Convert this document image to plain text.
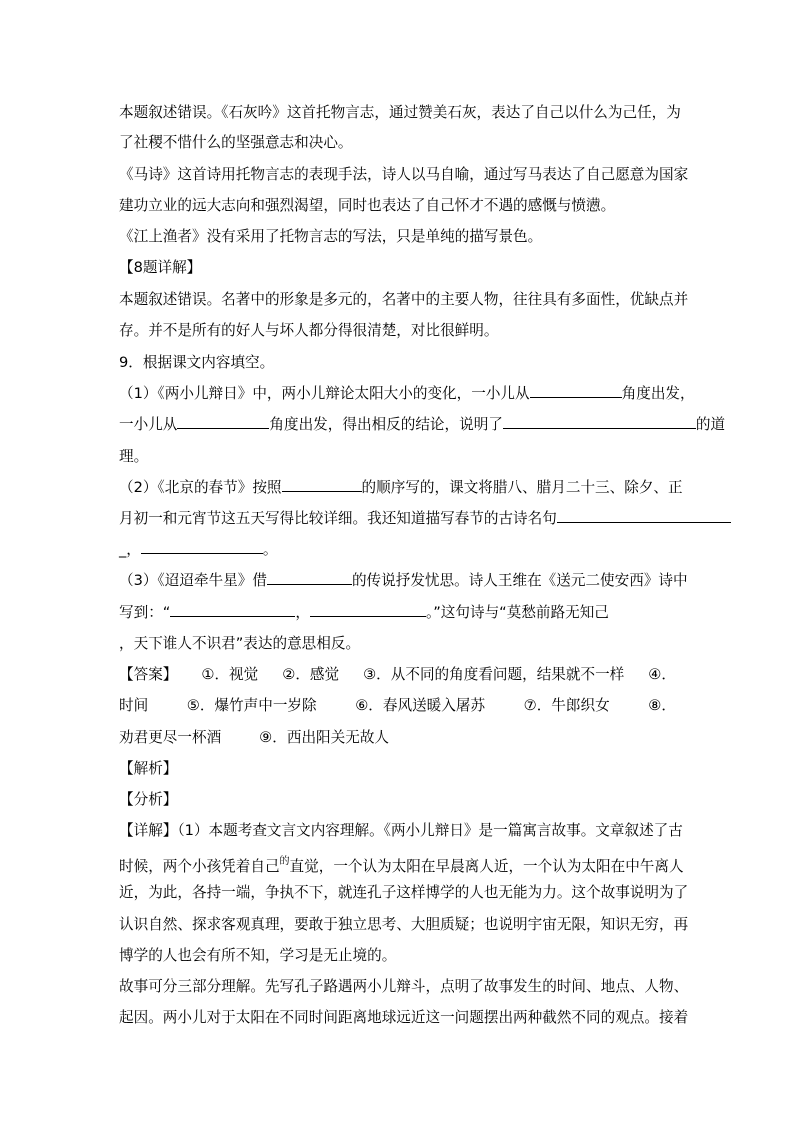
本题叙述错误。《石灰吟》这首托物言志，通过赞美石灰，表达了自己以什么为己任，为
了社稷不惜什么的坚强意志和决心。
《马诗》这首诗用托物言志的表现手法，诗人以马自喻，通过写马表达了自己愿意为国家
建功立业的远大志向和强烈渴望，同时也表达了自己怀才不遇的感慨与愤懑。
《江上渔者》没有采用了托物言志的写法，只是单纯的描写景色。
【8题详解】
本题叙述错误。名著中的形象是多元的，名著中的主要人物，往往具有多面性，优缺点并
存。并不是所有的好人与坏人都分得很清楚，对比很鲜明。
9．根据课文内容填空。
（1）《两小儿辩日》中，两小儿辩论太阳大小的变化，一小儿从	角度出发，
一小儿从	角度出发，得出相反的结论，说明了	的道
理。
（2）《北京的春节》按照	的顺序写的，课文将腊八、腊月二十三、除夕、正
月初一和元宵节这五天写得比较详细。我还知道描写春节的古诗名句
_，	。
（3）《迢迢牵牛星》借	的传说抒发忧思。诗人王维在《送元二使安西》诗中
写到：“	，	。”这句诗与“莫愁前路无知己
，天下谁人不识君”表达的意思相反。
【答案】 ①．视觉 ②．感觉 ③．从不同的角度看问题，结果就不一样 ④．
时间	⑤．爆竹声中一岁除	⑥．春风送暖入屠苏	⑦．牛郎织女	⑧．
劝君更尽一杯酒	⑨．西出阳关无故人
【解析】
【分析】
【详解】（1）本题考查文言文内容理解。《两小儿辩日》是一篇寓言故事。文章叙述了古
时候，两个小孩凭着自己的直觉，一个认为太阳在早晨离人近，一个认为太阳在中午离人
近，为此，各持一端，争执不下，就连孔子这样博学的人也无能为力。这个故事说明为了
认识自然、探求客观真理，要敢于独立思考、大胆质疑；也说明宇宙无限，知识无穷，再
博学的人也会有所不知，学习是无止境的。
故事可分三部分理解。先写孔子路遇两小儿辩斗，点明了故事发生的时间、地点、人物、
起因。两小儿对于太阳在不同时间距离地球远近这一问题摆出两种截然不同的观点。接着
